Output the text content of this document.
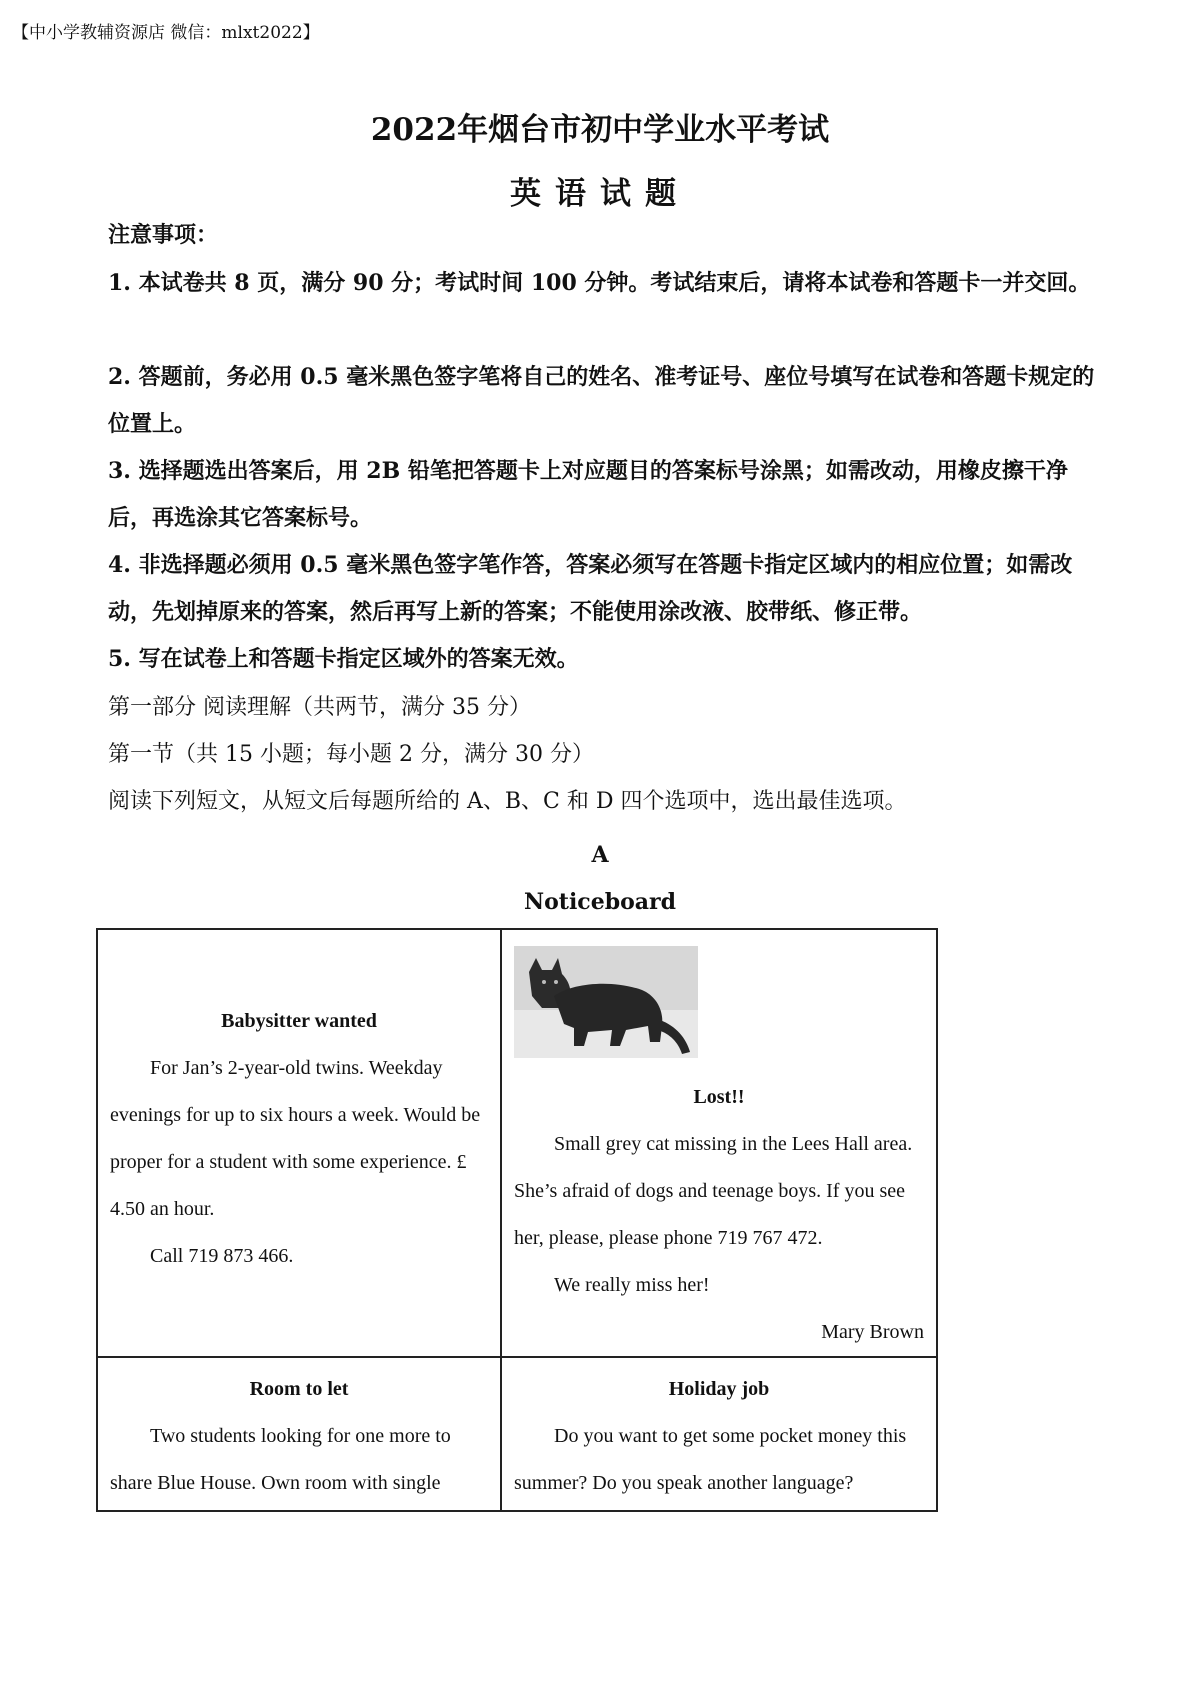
【中小学教辅资源店 微信：mlxt2022】
2022年烟台市初中学业水平考试
英语试题
注意事项：
1. 本试卷共 8 页，满分 90 分；考试时间 100 分钟。考试结束后，请将本试卷和答题卡一并交回。
2. 答题前，务必用 0.5 毫米黑色签字笔将自己的姓名、准考证号、座位号填写在试卷和答题卡规定的位置上。
3. 选择题选出答案后，用 2B 铅笔把答题卡上对应题目的答案标号涂黑；如需改动，用橡皮擦干净后，再选涂其它答案标号。
4. 非选择题必须用 0.5 毫米黑色签字笔作答，答案必须写在答题卡指定区域内的相应位置；如需改动，先划掉原来的答案，然后再写上新的答案；不能使用涂改液、胶带纸、修正带。
5. 写在试卷上和答题卡指定区域外的答案无效。
第一部分 阅读理解（共两节，满分 35 分）
第一节（共 15 小题；每小题 2 分，满分 30 分）
阅读下列短文，从短文后每题所给的 A、B、C 和 D 四个选项中，选出最佳选项。
A
Noticeboard
Babysitter wanted
For Jan’s 2-year-old twins. Weekday evenings for up to six hours a week. Would be proper for a student with some experience. £ 4.50 an hour.
Call 719 873 466.
Lost!!
Small grey cat missing in the Lees Hall area. She’s afraid of dogs and teenage boys. If you see her, please, please phone 719 767 472.
We really miss her!
Mary Brown
Room to let
Two students looking for one more to share Blue House. Own room with single
Holiday job
Do you want to get some pocket money this summer? Do you speak another language?
